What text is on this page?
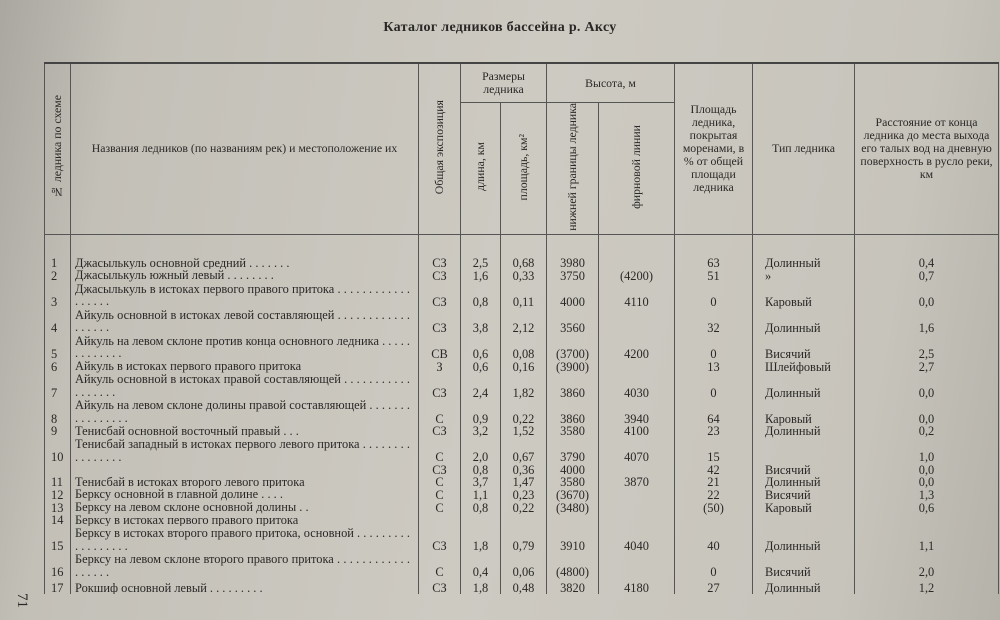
Каталог ледников бассейна р. Аксу
№ ледника по схеме	Названия ледников (по названиям рек) и местоположение их	Общая экспозиция	Размеры ледника		Высота, м		Площадь ледника, покрытая моренами, в % от общей площади ледника	Тип ледника	Расстояние от конца ледника до места выхода его талых вод на дневную поверхность в русло реки, км
			длина, км	площадь, км²	нижней границы ледника	фирновой линии			

1	Джасылькуль основной средний . . . . . . .	СЗ	2,5	0,68	3980		63	Долинный	0,4
2	Джасылькуль южный левый . . . . . . . .	СЗ	1,6	0,33	3750	(4200)	51	»	0,7
3	Джасылькуль в истоках первого правого притока . . . . . . . . . . . . . . . . . .	СЗ	0,8	0,11	4000	4110	0	Каровый	0,0
4	Айкуль основной в истоках левой составляющей . . . . . . . . . . . . . . . . . .	СЗ	3,8	2,12	3560		32	Долинный	1,6
5	Айкуль на левом склоне против конца основного ледника . . . . . . . . . . . . .	СВ	0,6	0,08	(3700)	4200	0	Висячий	2,5
6	Айкуль в истоках первого правого притока	З	0,6	0,16	(3900)		13	Шлейфовый	2,7
7	Айкуль основной в истоках правой составляющей . . . . . . . . . . . . . . . . . .	СЗ	2,4	1,82	3860	4030	0	Долинный	0,0
8	Айкуль на левом склоне долины правой составляющей . . . . . . . . . . . . . . . .	С	0,9	0,22	3860	3940	64	Каровый	0,0
9	Тенисбай основной восточный правый . . .	СЗ	3,2	1,52	3580	4100	23	Долинный	0,2
10	Тенисбай западный в истоках первого левого притока . . . . . . . . . . . . . . . .	С	2,0	0,67	3790	4070	15		1,0
		СЗ	0,8	0,36	4000		42	Висячий	0,0
11	Тенисбай в истоках второго левого притока	С	3,7	1,47	3580	3870	21	Долинный	0,0
12	Берксу основной в главной долине . . . .	С	1,1	0,23	(3670)		22	Висячий	1,3
13	Берксу на левом склоне основной долины . .	С	0,8	0,22	(3480)		(50)	Каровый	0,6
14	Берксу в истоках первого правого притока								
15	Берксу в истоках второго правого притока, основной . . . . . . . . . . . . . . . . . .	СЗ	1,8	0,79	3910	4040	40	Долинный	1,1
16	Берксу на левом склоне второго правого притока . . . . . . . . . . . . . . . . . .	С	0,4	0,06	(4800)		0	Висячий	2,0
17	Рокшиф основной левый . . . . . . . . .	СЗ	1,8	0,48	3820	4180	27	Долинный	1,2
71
